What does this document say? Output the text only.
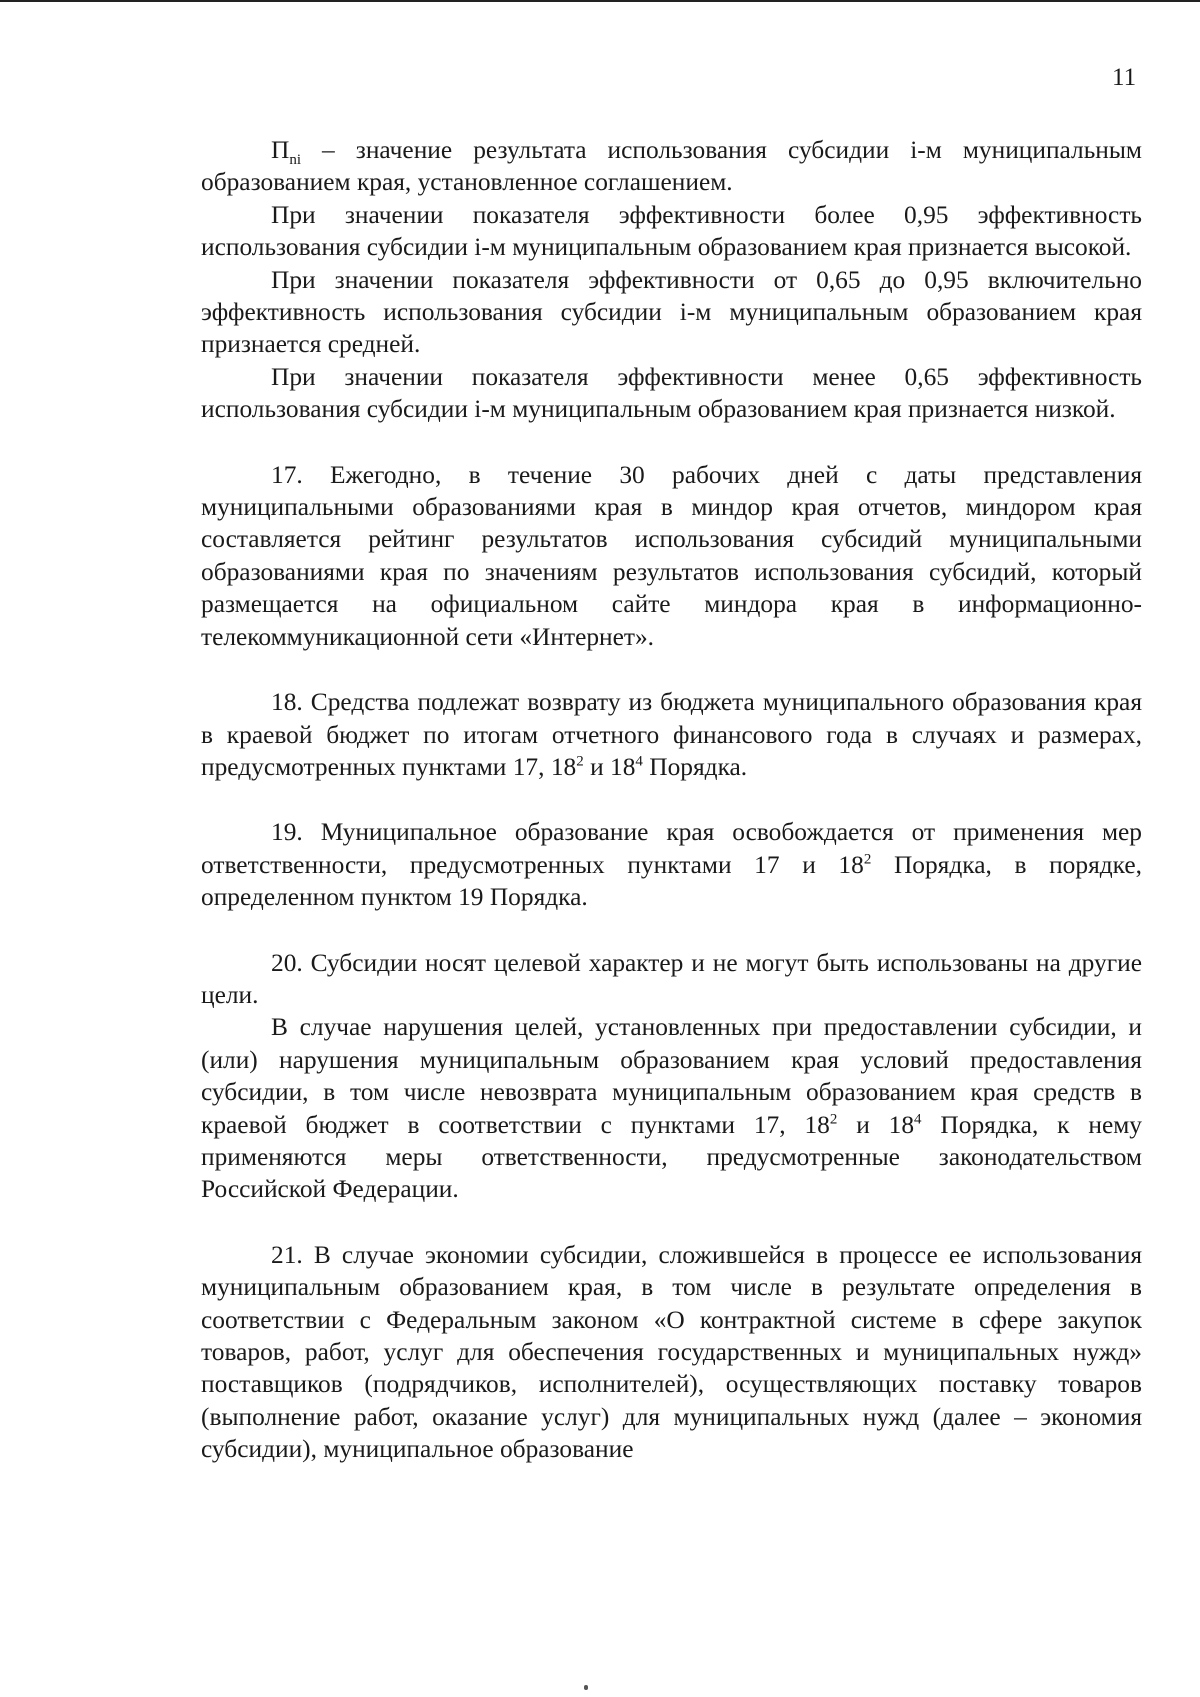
11

$П_{ni}$ – значение результата использования субсидии i-м муниципальным образованием края, установленное соглашением.

При значении показателя эффективности более 0,95 эффективность использования субсидии i-м муниципальным образованием края признается высокой.

При значении показателя эффективности от 0,65 до 0,95 включительно эффективность использования субсидии i-м муниципальным образованием края признается средней.

При значении показателя эффективности менее 0,65 эффективность использования субсидии i-м муниципальным образованием края признается низкой.

17. Ежегодно, в течение 30 рабочих дней с даты представления муниципальными образованиями края в миндор края отчетов, миндором края составляется рейтинг результатов использования субсидий муниципальными образованиями края по значениям результатов использования субсидий, который размещается на официальном сайте миндора края в информационно-телекоммуникационной сети «Интернет».

18. Средства подлежат возврату из бюджета муниципального образования края в краевой бюджет по итогам отчетного финансового года в случаях и размерах, предусмотренных пунктами 17, $18^2$ и $18^4$ Порядка.

19. Муниципальное образование края освобождается от применения мер ответственности, предусмотренных пунктами 17 и $18^2$ Порядка, в порядке, определенном пунктом 19 Порядка.

20. Субсидии носят целевой характер и не могут быть использованы на другие цели.

В случае нарушения целей, установленных при предоставлении субсидии, и (или) нарушения муниципальным образованием края условий предоставления субсидии, в том числе невозврата муниципальным образованием края средств в краевой бюджет в соответствии с пунктами 17, $18^2$ и $18^4$ Порядка, к нему применяются меры ответственности, предусмотренные законодательством Российской Федерации.

21. В случае экономии субсидии, сложившейся в процессе ее использования муниципальным образованием края, в том числе в результате определения в соответствии с Федеральным законом «О контрактной системе в сфере закупок товаров, работ, услуг для обеспечения государственных и муниципальных нужд» поставщиков (подрядчиков, исполнителей), осуществляющих поставку товаров (выполнение работ, оказание услуг) для муниципальных нужд (далее – экономия субсидии), муниципальное образование
